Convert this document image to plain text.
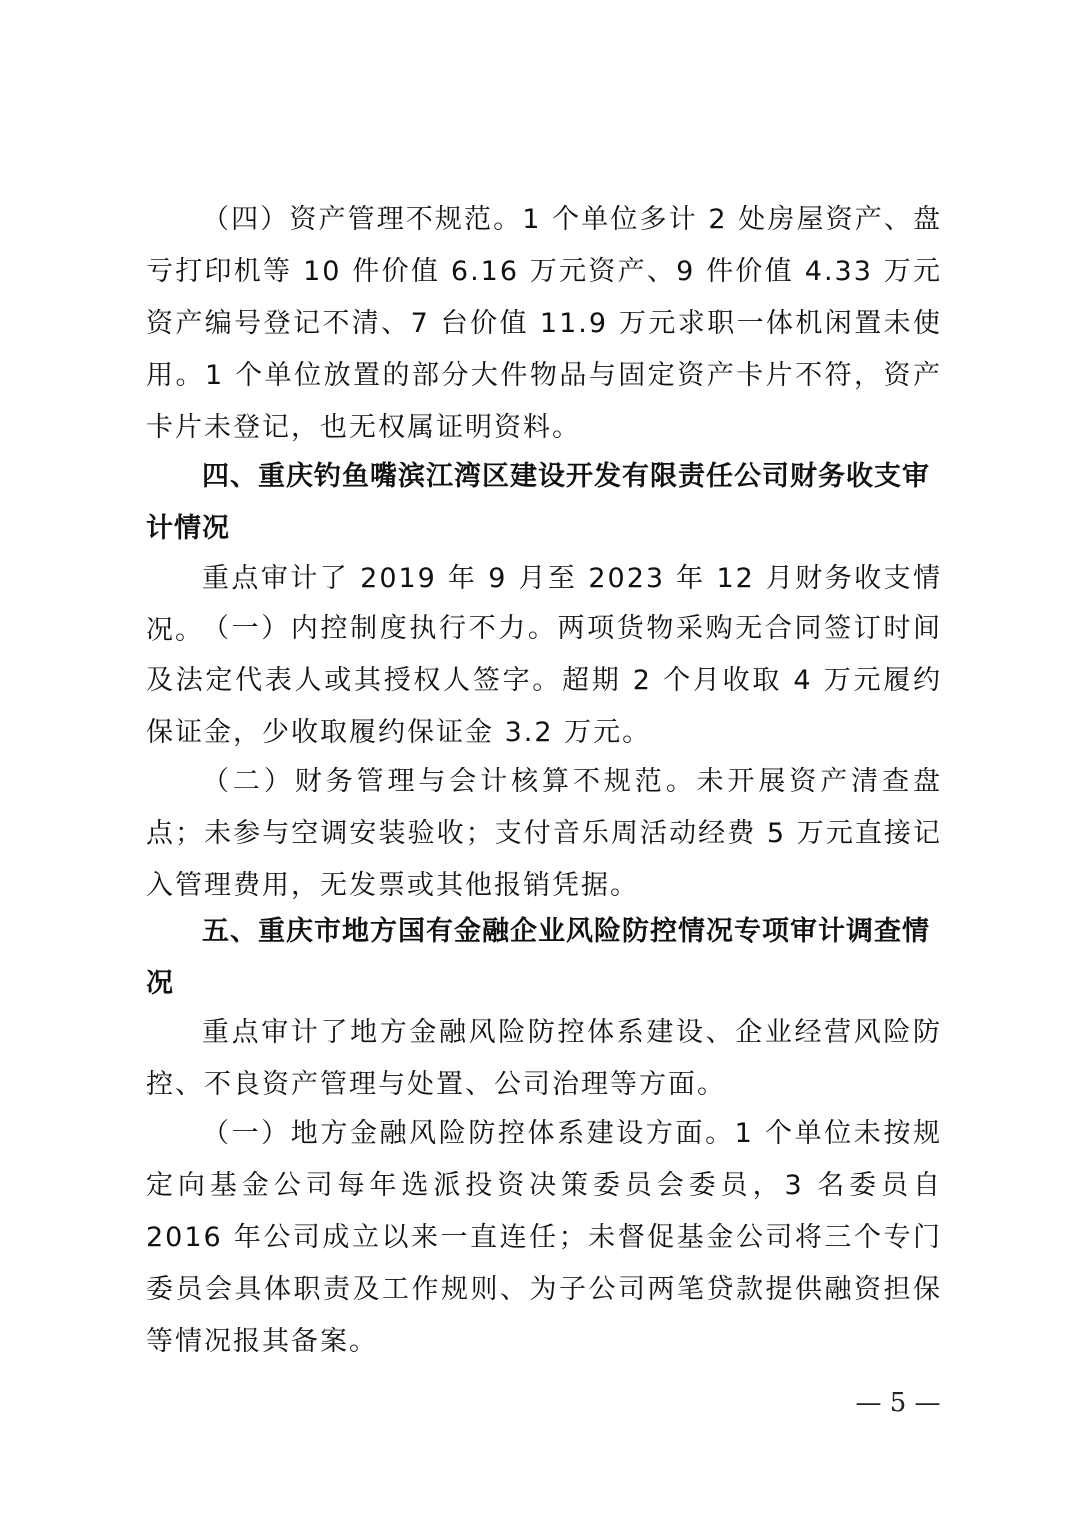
（四）资产管理不规范。1 个单位多计 2 处房屋资产、盘亏打印机等 10 件价值 6.16 万元资产、9 件价值 4.33 万元资产编号登记不清、7 台价值 11.9 万元求职一体机闲置未使用。1 个单位放置的部分大件物品与固定资产卡片不符，资产卡片未登记，也无权属证明资料。

四、重庆钓鱼嘴滨江湾区建设开发有限责任公司财务收支审计情况

重点审计了 2019 年 9 月至 2023 年 12 月财务收支情况。

（一）内控制度执行不力。两项货物采购无合同签订时间及法定代表人或其授权人签字。超期 2 个月收取 4 万元履约保证金，少收取履约保证金 3.2 万元。

（二）财务管理与会计核算不规范。未开展资产清查盘点；未参与空调安装验收；支付音乐周活动经费 5 万元直接记入管理费用，无发票或其他报销凭据。

五、重庆市地方国有金融企业风险防控情况专项审计调查情况

重点审计了地方金融风险防控体系建设、企业经营风险防控、不良资产管理与处置、公司治理等方面。

（一）地方金融风险防控体系建设方面。1 个单位未按规定向基金公司每年选派投资决策委员会委员，3 名委员自 2016 年公司成立以来一直连任；未督促基金公司将三个专门委员会具体职责及工作规则、为子公司两笔贷款提供融资担保等情况报其备案。

— 5 —
